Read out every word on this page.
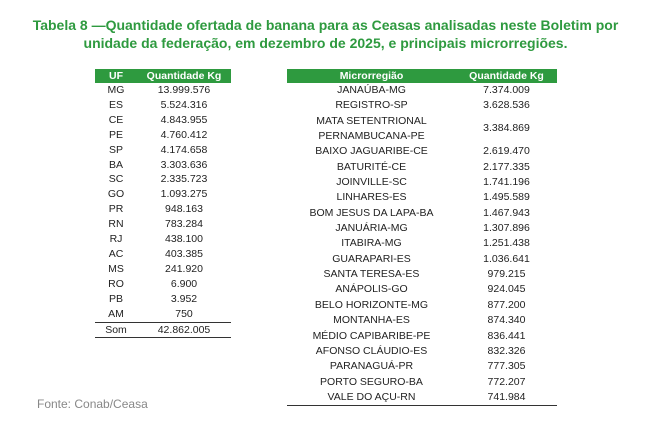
Tabela 8 —Quantidade ofertada de banana para as Ceasas analisadas neste Boletim por unidade da federação, em dezembro de 2025, e principais microrregiões.
UF	Quantidade Kg
MG	13.999.576
ES	5.524.316
CE	4.843.955
PE	4.760.412
SP	4.174.658
BA	3.303.636
SC	2.335.723
GO	1.093.275
PR	948.163
RN	783.284
RJ	438.100
AC	403.385
MS	241.920
RO	6.900
PB	3.952
AM	750
Som	42.862.005
Microrregião	Quantidade Kg
JANAÚBA-MG	7.374.009
REGISTRO-SP	3.628.536
MATA SETENTRIONAL PERNAMBUCANA-PE	3.384.869
BAIXO JAGUARIBE-CE	2.619.470
BATURITÉ-CE	2.177.335
JOINVILLE-SC	1.741.196
LINHARES-ES	1.495.589
BOM JESUS DA LAPA-BA	1.467.943
JANUÁRIA-MG	1.307.896
ITABIRA-MG	1.251.438
GUARAPARI-ES	1.036.641
SANTA TERESA-ES	979.215
ANÁPOLIS-GO	924.045
BELO HORIZONTE-MG	877.200
MONTANHA-ES	874.340
MÉDIO CAPIBARIBE-PE	836.441
AFONSO CLÁUDIO-ES	832.326
PARANAGUÁ-PR	777.305
PORTO SEGURO-BA	772.207
VALE DO AÇU-RN	741.984
Fonte: Conab/Ceasa
